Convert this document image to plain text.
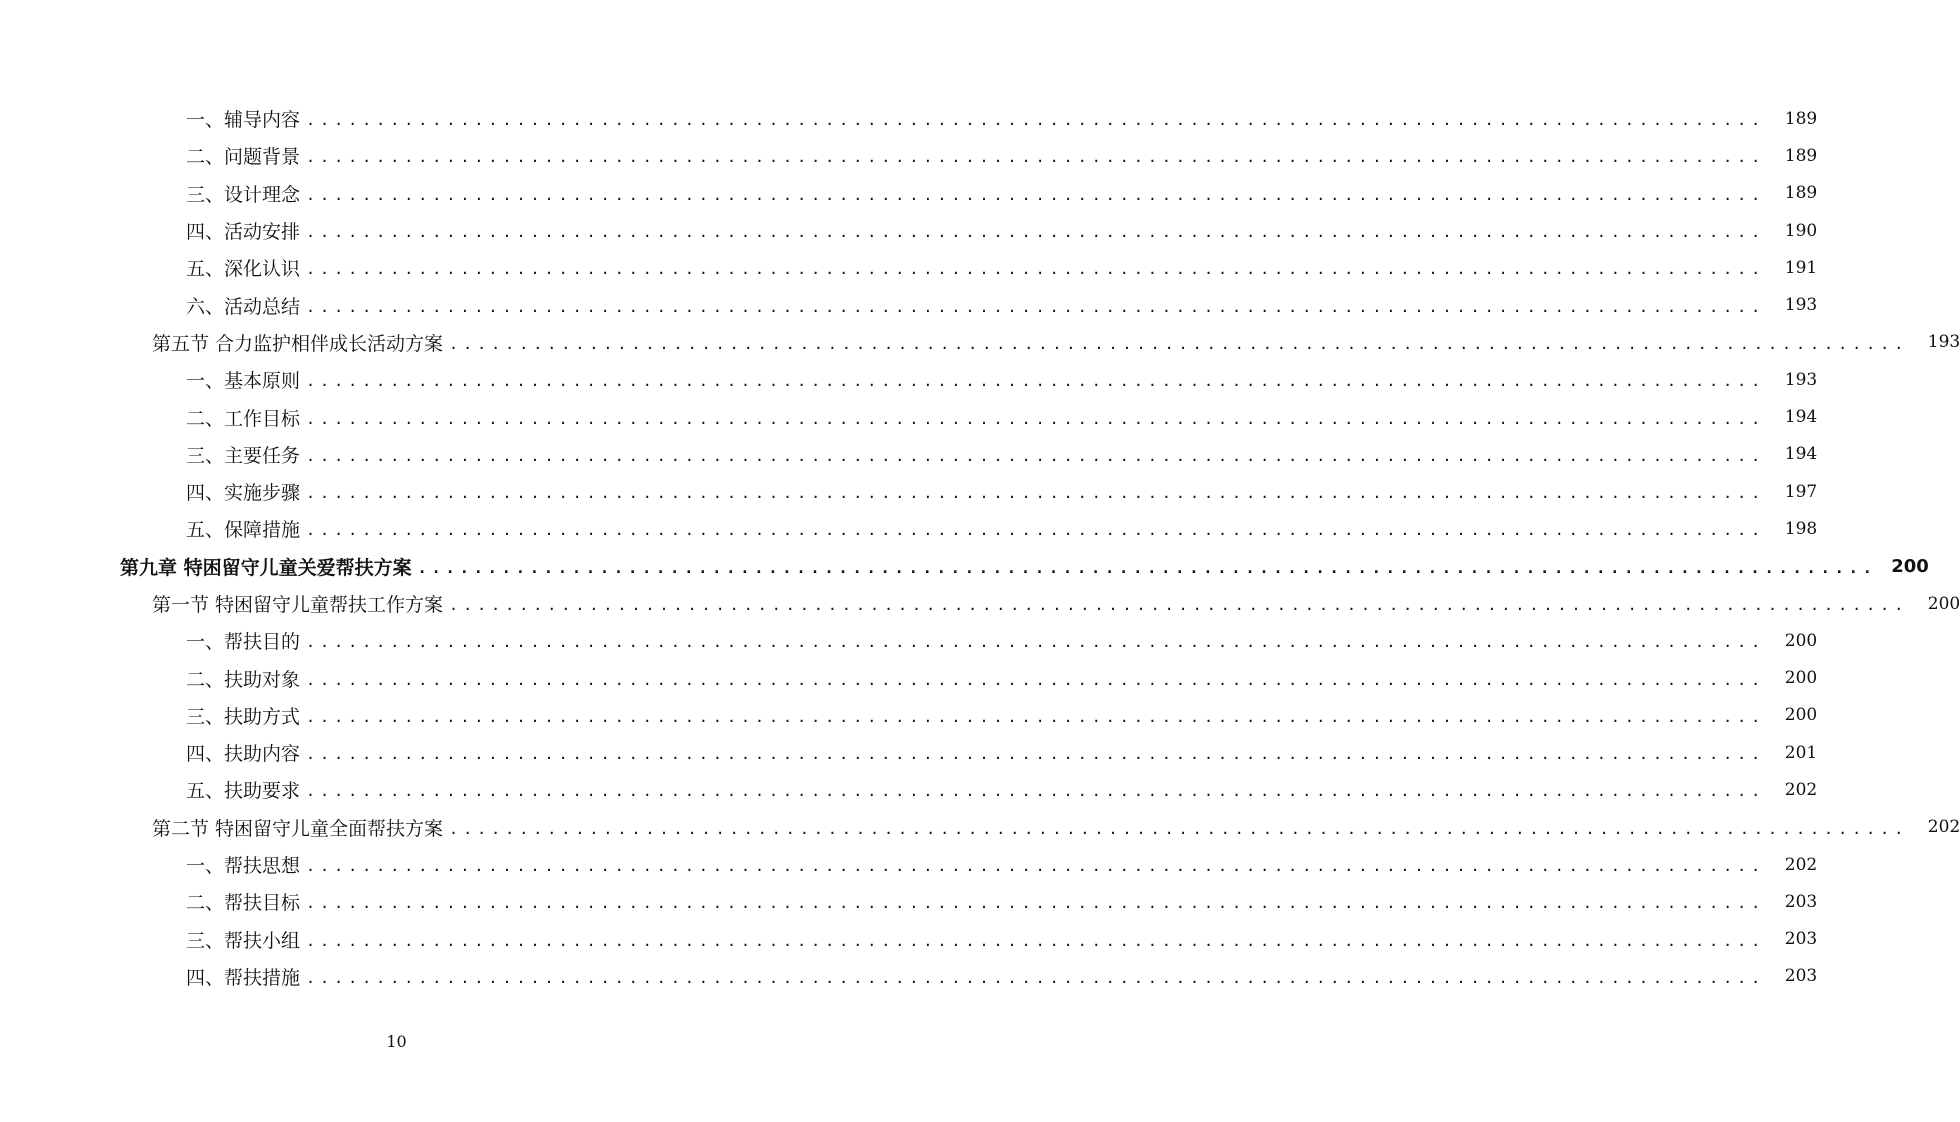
一、辅导内容 ........................................................................................................	189
二、问题背景 ........................................................................................................	189
三、设计理念 ........................................................................................................	189
四、活动安排 ........................................................................................................	190
五、深化认识 ........................................................................................................	191
六、活动总结 ........................................................................................................	193
第五节 合力监护相伴成长活动方案 ........................................................................................................	193
一、基本原则 ........................................................................................................	193
二、工作目标 ........................................................................................................	194
三、主要任务 ........................................................................................................	194
四、实施步骤 ........................................................................................................	197
五、保障措施 ........................................................................................................	198
第九章 特困留守儿童关爱帮扶方案 ........................................................................................................ 200
第一节 特困留守儿童帮扶工作方案 ........................................................................................................	200
一、帮扶目的 ........................................................................................................	200
二、扶助对象 ........................................................................................................	200
三、扶助方式 ........................................................................................................	200
四、扶助内容 ........................................................................................................	201
五、扶助要求 ........................................................................................................	202
第二节 特困留守儿童全面帮扶方案 ........................................................................................................	202
一、帮扶思想 ........................................................................................................	202
二、帮扶目标 ........................................................................................................	203
三、帮扶小组 ........................................................................................................	203
四、帮扶措施 ........................................................................................................	203
10
